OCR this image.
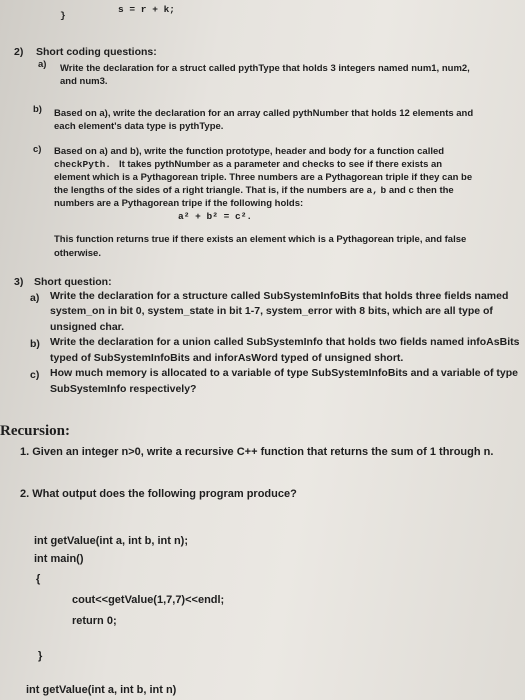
}
s = r + k;
2) Short coding questions:
a) Write the declaration for a struct called pythType that holds 3 integers named num1, num2,
and num3.
b) Based on a), write the declaration for an array called pythNumber that holds 12 elements and
each element's data type is pythType.
c) Based on a) and b), write the function prototype, header and body for a function called
checkPyth. It takes pythNumber as a parameter and checks to see if there exists an
element which is a Pythagorean triple. Three numbers are a Pythagorean triple if they can be
the lengths of the sides of a right triangle. That is, if the numbers are a, b and c then the
numbers are a Pythagorean tripe if the following holds:
a² + b² = c².
This function returns true if there exists an element which is a Pythagorean triple, and false
otherwise.
3) Short question:
a) Write the declaration for a structure called SubSystemInfoBits that holds three fields named
system_on in bit 0, system_state in bit 1-7, system_error with 8 bits, which are all type of
unsigned char.
b) Write the declaration for a union called SubSystemInfo that holds two fields named infoAsBits
typed of SubSystemInfoBits and inforAsWord typed of unsigned short.
c) How much memory is allocated to a variable of type SubSystemInfoBits and a variable of type
SubSystemInfo respectively?
Recursion:
1. Given an integer n>0, write a recursive C++ function that returns the sum of 1 through n.
2. What output does the following program produce?
int getValue(int a, int b, int n);
int main()
{
cout<<getValue(1,7,7)<<endl;
return 0;
}
int getValue(int a, int b, int n)
